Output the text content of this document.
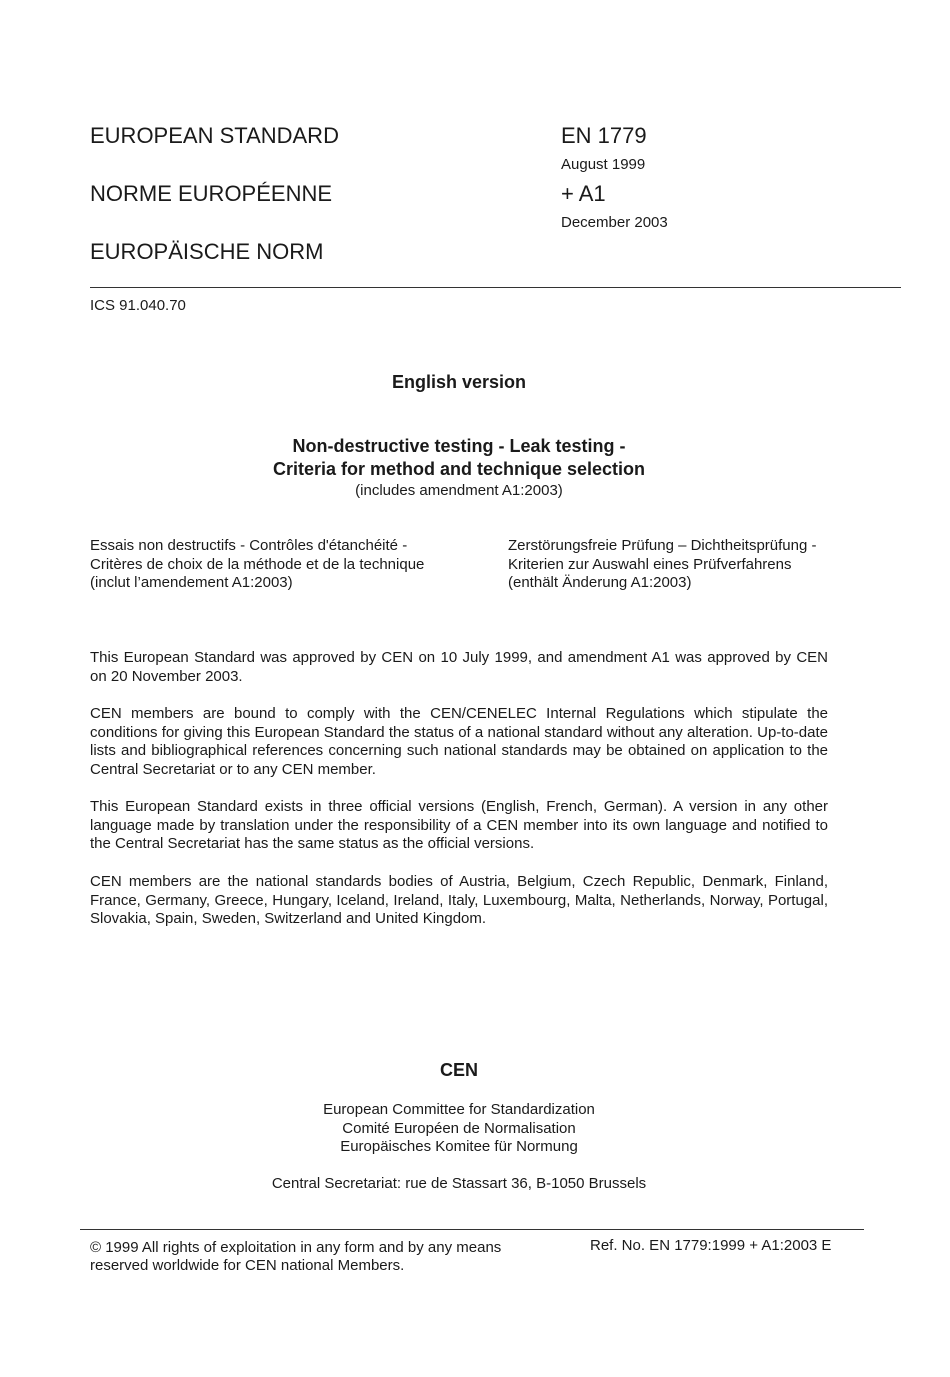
EUROPEAN STANDARD
NORME EUROPÉENNE
EUROPÄISCHE NORM
EN 1779
August 1999
+ A1
December 2003
ICS 91.040.70
English version
Non-destructive testing - Leak testing -
Criteria for method and technique selection
(includes amendment A1:2003)
Essais non destructifs - Contrôles d'étanchéité -
Critères de choix de la méthode et de la technique
(inclut l’amendement A1:2003)
Zerstörungsfreie Prüfung – Dichtheitsprüfung -
Kriterien zur Auswahl eines Prüfverfahrens
(enthält Änderung A1:2003)
This European Standard was approved by CEN on 10 July 1999, and amendment A1 was approved by CEN on 20 November 2003.
CEN members are bound to comply with the CEN/CENELEC Internal Regulations which stipulate the conditions for giving this European Standard the status of a national standard without any alteration. Up-to-date lists and bibliographical references concerning such national standards may be obtained on application to the Central Secretariat or to any CEN member.
This European Standard exists in three official versions (English, French, German). A version in any other language made by translation under the responsibility of a CEN member into its own language and notified to the Central Secretariat has the same status as the official versions.
CEN members are the national standards bodies of Austria, Belgium, Czech Republic, Denmark, Finland, France, Germany, Greece, Hungary, Iceland, Ireland, Italy, Luxembourg, Malta, Netherlands, Norway, Portugal, Slovakia, Spain, Sweden, Switzerland and United Kingdom.
CEN
European Committee for Standardization
Comité Européen de Normalisation
Europäisches Komitee für Normung
Central Secretariat: rue de Stassart 36, B-1050 Brussels
© 1999 All rights of exploitation in any form and by any means
reserved worldwide for CEN national Members.
Ref. No. EN 1779:1999 + A1:2003 E
